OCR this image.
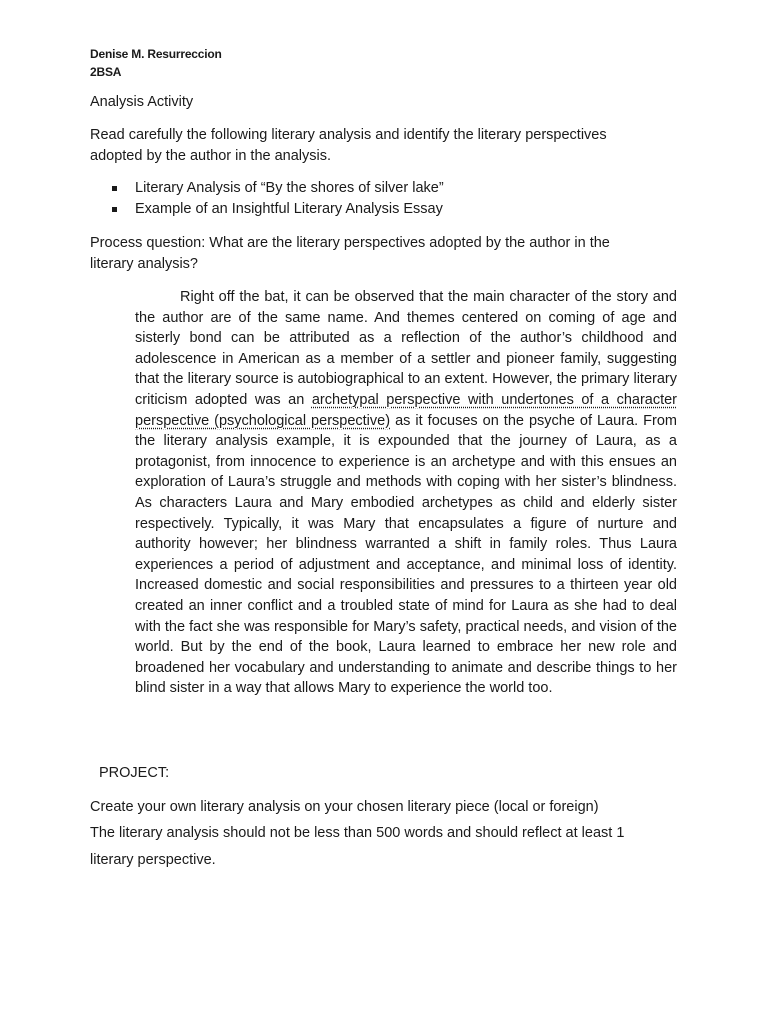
Denise M. Resurreccion
2BSA
Analysis Activity
Read carefully the following literary analysis and identify the literary perspectives
adopted by the author in the analysis.
Literary Analysis of “By the shores of silver lake”
Example of an Insightful Literary Analysis Essay
Process question: What are the literary perspectives adopted by the author in the
literary analysis?

Right off the bat, it can be observed that the main character of the story and the author are of the same name. And themes centered on coming of age and sisterly bond can be attributed as a reflection of the author’s childhood and adolescence in American as a member of a settler and pioneer family, suggesting that the literary source is autobiographical to an extent. However, the primary literary criticism adopted was an archetypal perspective with undertones of a character perspective (psychological perspective) as it focuses on the psyche of Laura. From the literary analysis example, it is expounded that the journey of Laura, as a protagonist, from innocence to experience is an archetype and with this ensues an exploration of Laura’s struggle and methods with coping with her sister’s blindness. As characters Laura and Mary embodied archetypes as child and elderly sister respectively. Typically, it was Mary that encapsulates a figure of nurture and authority however; her blindness warranted a shift in family roles. Thus Laura experiences a period of adjustment and acceptance, and minimal loss of identity. Increased domestic and social responsibilities and pressures to a thirteen year old created an inner conflict and a troubled state of mind for Laura as she had to deal with the fact she was responsible for Mary’s safety, practical needs, and vision of the world. But by the end of the book, Laura learned to embrace her new role and broadened her vocabulary and understanding to animate and describe things to her blind sister in a way that allows Mary to experience the world too.

PROJECT:
Create your own literary analysis on your chosen literary piece (local or foreign)
The literary analysis should not be less than 500 words and should reflect at least 1
literary perspective.
